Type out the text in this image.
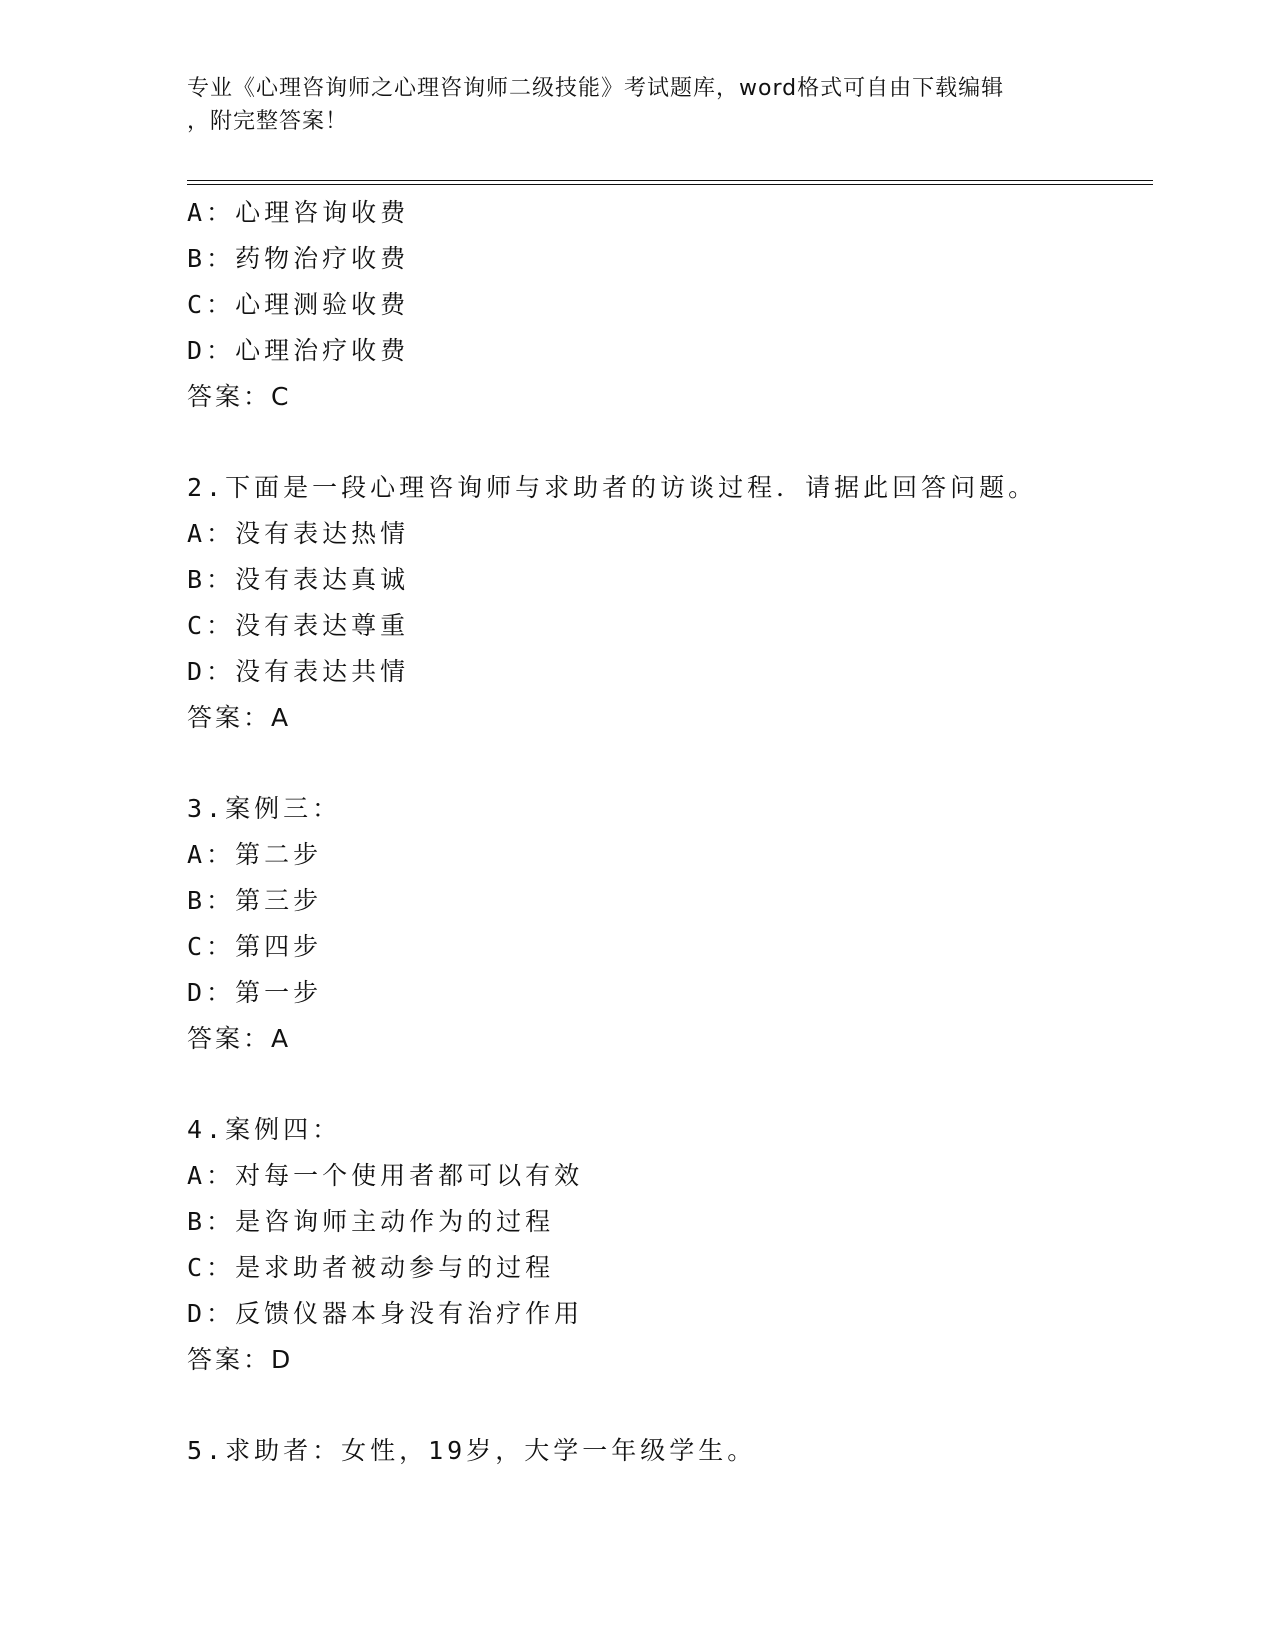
专业《心理咨询师之心理咨询师二级技能》考试题库，word格式可自由下载编辑

，附完整答案！

A：心理咨询收费
B：药物治疗收费
C：心理测验收费
D：心理治疗收费
答案：C
2.下面是一段心理咨询师与求助者的访谈过程．请据此回答问题。
A：没有表达热情
B：没有表达真诚
C：没有表达尊重
D：没有表达共情
答案：A
3.案例三：
A：第二步
B：第三步
C：第四步
D：第一步
答案：A
4.案例四：
A：对每一个使用者都可以有效
B：是咨询师主动作为的过程
C：是求助者被动参与的过程
D：反馈仪器本身没有治疗作用
答案：D
5.求助者：女性，19岁，大学一年级学生。
